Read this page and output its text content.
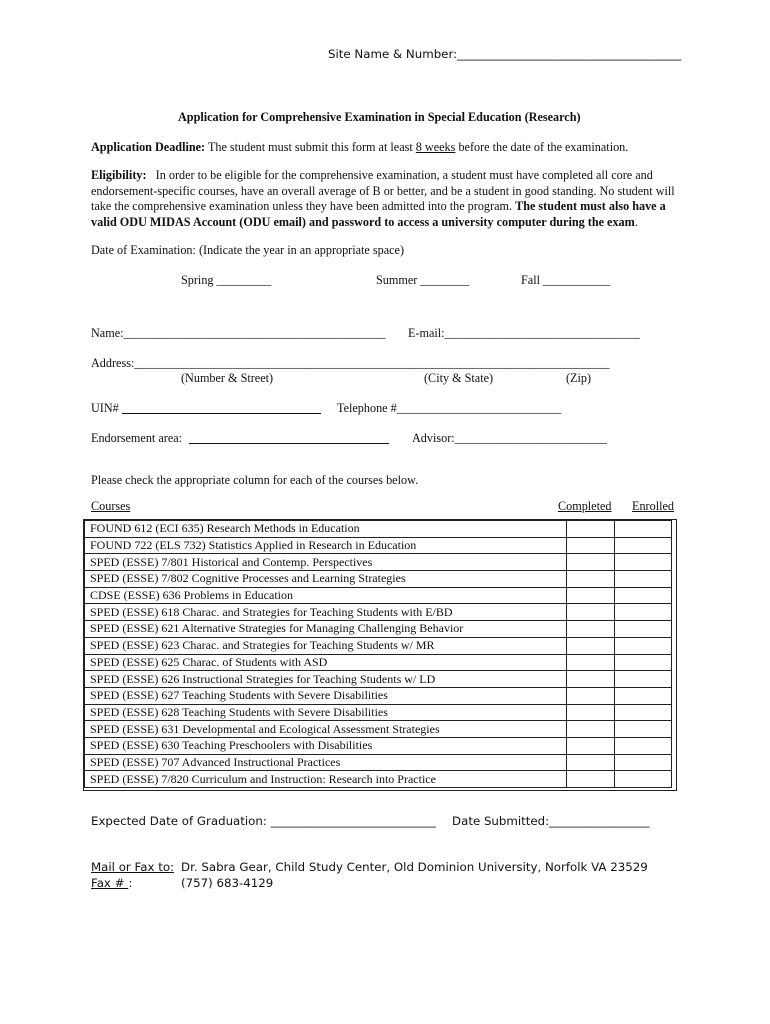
Site Name & Number:______________________________________
Application for Comprehensive Examination in Special Education (Research)
Application Deadline: The student must submit this form at least 8 weeks before the date of the examination.
Eligibility: In order to be eligible for the comprehensive examination, a student must have completed all core and endorsement-specific courses, have an overall average of B or better, and be a student in good standing. No student will take the comprehensive examination unless they have been admitted into the program. The student must also have a valid ODU MIDAS Account (ODU email) and password to access a university computer during the exam.
Date of Examination: (Indicate the year in an appropriate space)
Spring _________	Summer ________	Fall ___________
Name:___________________________________________ E-mail:________________________________
Address:______________________________________________________________________________
(Number & Street)	(City & State)	(Zip)
UIN#	Telephone #___________________________
Endorsement area:	Advisor:_________________________
Please check the appropriate column for each of the courses below.
Courses	Completed Enrolled
FOUND 612 (ECI 635) Research Methods in Education		
FOUND 722 (ELS 732) Statistics Applied in Research in Education		
SPED (ESSE) 7/801 Historical and Contemp. Perspectives		
SPED (ESSE) 7/802 Cognitive Processes and Learning Strategies		
CDSE (ESSE) 636 Problems in Education		
SPED (ESSE) 618 Charac. and Strategies for Teaching Students with E/BD		
SPED (ESSE) 621 Alternative Strategies for Managing Challenging Behavior		
SPED (ESSE) 623 Charac. and Strategies for Teaching Students w/ MR		
SPED (ESSE) 625 Charac. of Students with ASD		
SPED (ESSE) 626 Instructional Strategies for Teaching Students w/ LD		
SPED (ESSE) 627 Teaching Students with Severe Disabilities		
SPED (ESSE) 628 Teaching Students with Severe Disabilities		
SPED (ESSE) 631 Developmental and Ecological Assessment Strategies		
SPED (ESSE) 630 Teaching Preschoolers with Disabilities		
SPED (ESSE) 707 Advanced Instructional Practices		
SPED (ESSE) 7/820 Curriculum and Instruction: Research into Practice		
Expected Date of Graduation: ____________________________ Date Submitted:_________________
Mail or Fax to: Dr. Sabra Gear, Child Study Center, Old Dominion University, Norfolk VA 23529
Fax # :	(757) 683-4129
